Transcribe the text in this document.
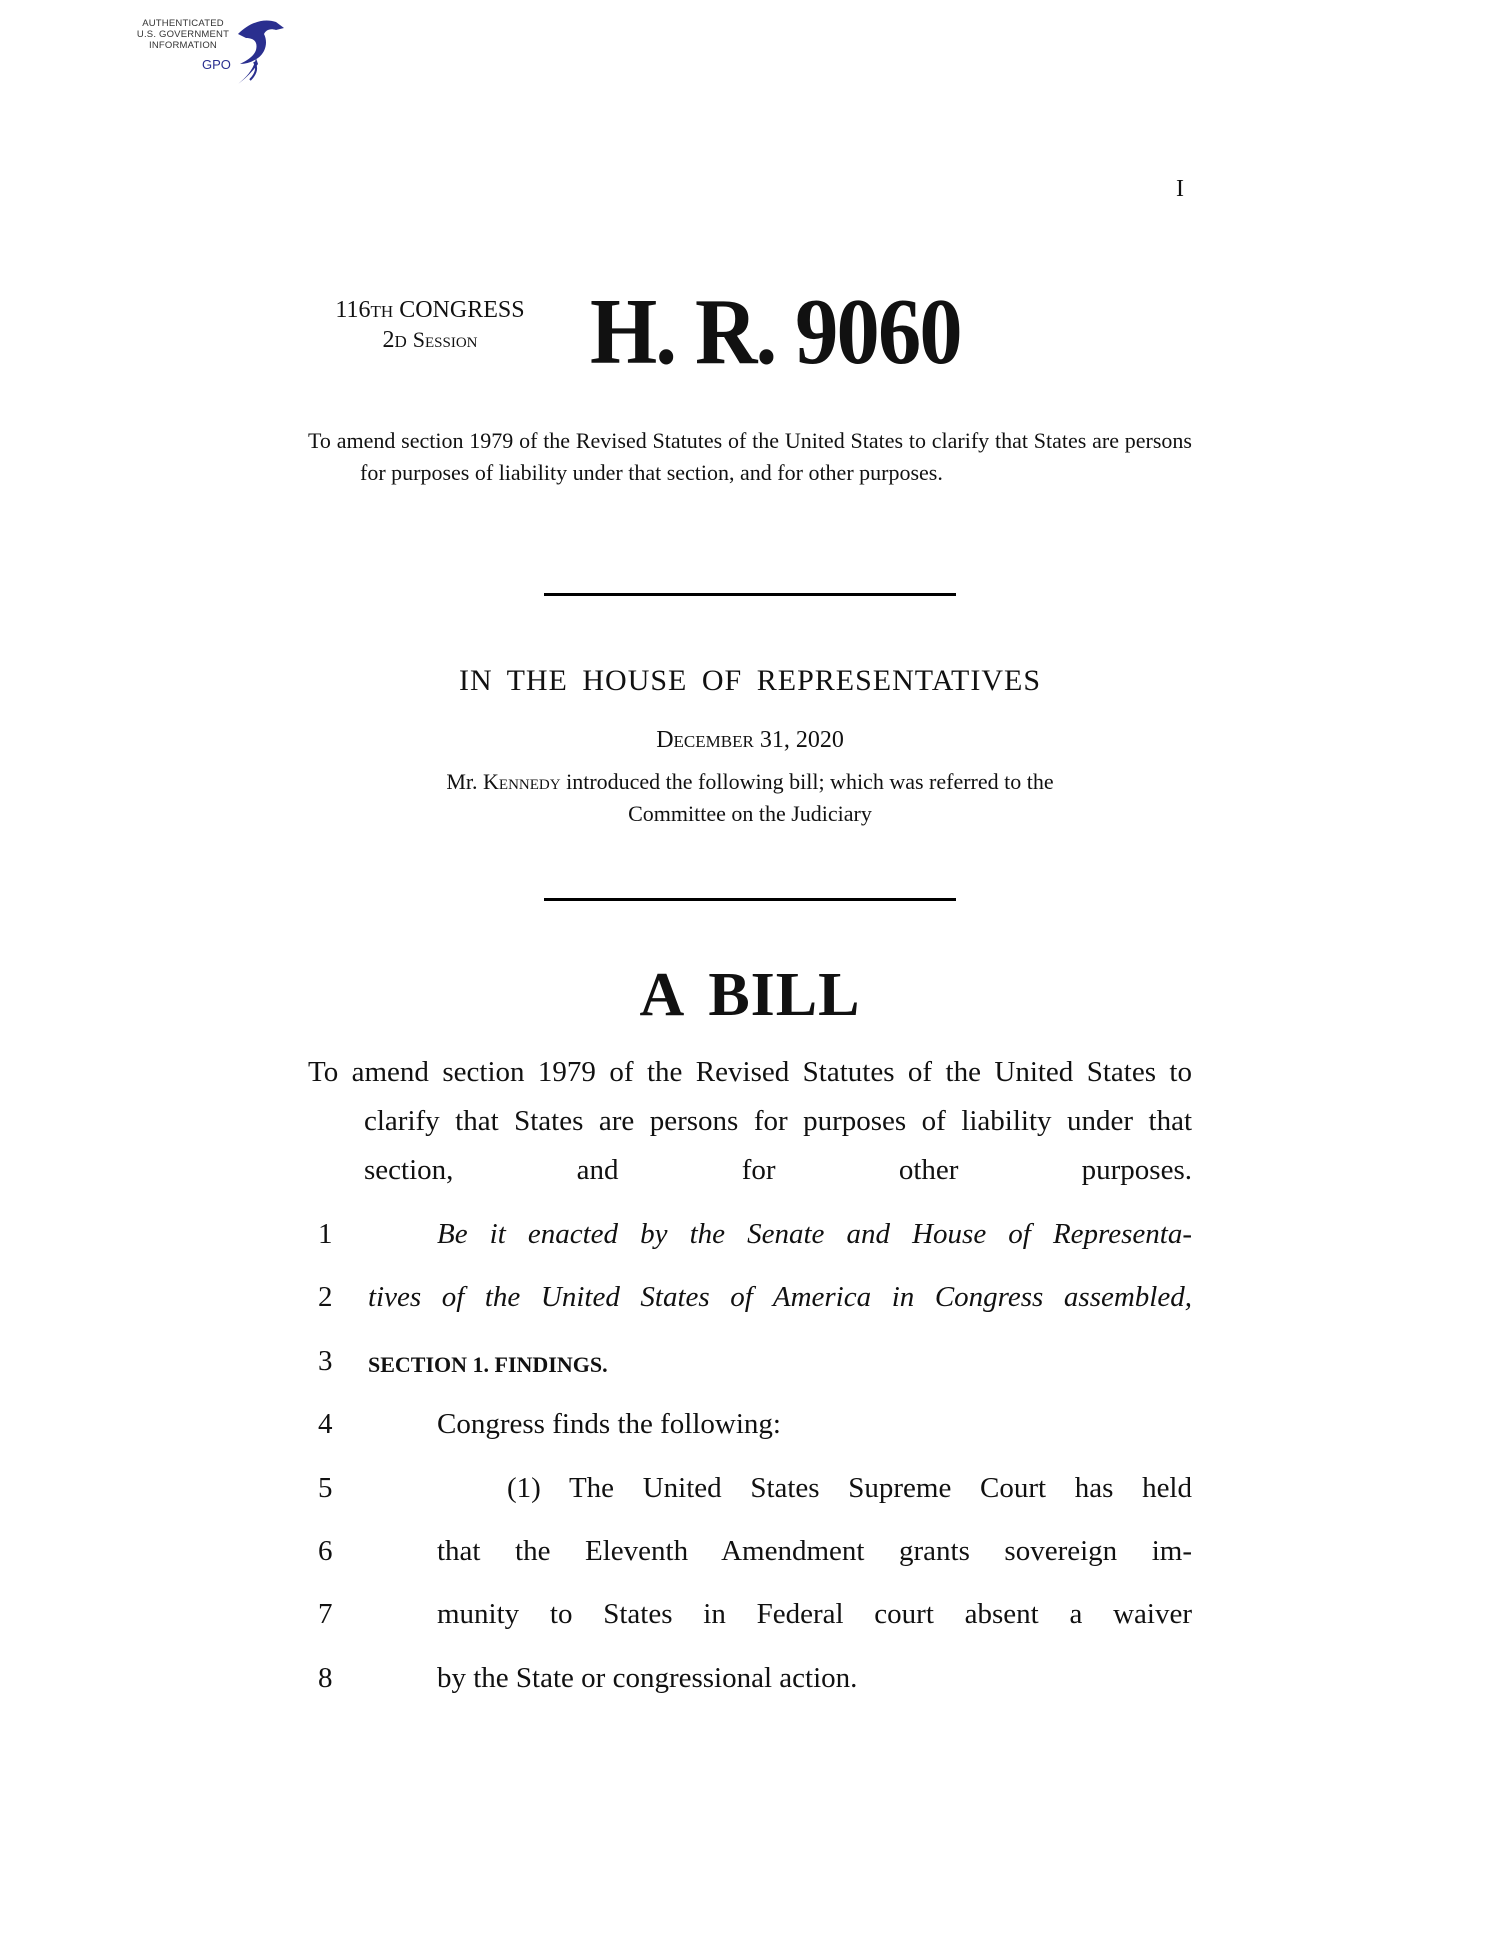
AUTHENTICATED
U.S. GOVERNMENT
INFORMATION
GPO
I
116TH CONGRESS
2D Session	H. R. 9060
To amend section 1979 of the Revised Statutes of the United States to clarify that States are persons for purposes of liability under that section, and for other purposes.
IN THE HOUSE OF REPRESENTATIVES
December 31, 2020
Mr. Kennedy introduced the following bill; which was referred to the
Committee on the Judiciary
A BILL
To amend section 1979 of the Revised Statutes of the United States to clarify that States are persons for purposes of liability under that section, and for other purposes.
1	Be it enacted by the Senate and House of Representa-
2	tives of the United States of America in Congress assembled,
3	SECTION 1. FINDINGS.
4	Congress finds the following:
5	(1) The United States Supreme Court has held
6	that the Eleventh Amendment grants sovereign im-
7	munity to States in Federal court absent a waiver
8	by the State or congressional action.
